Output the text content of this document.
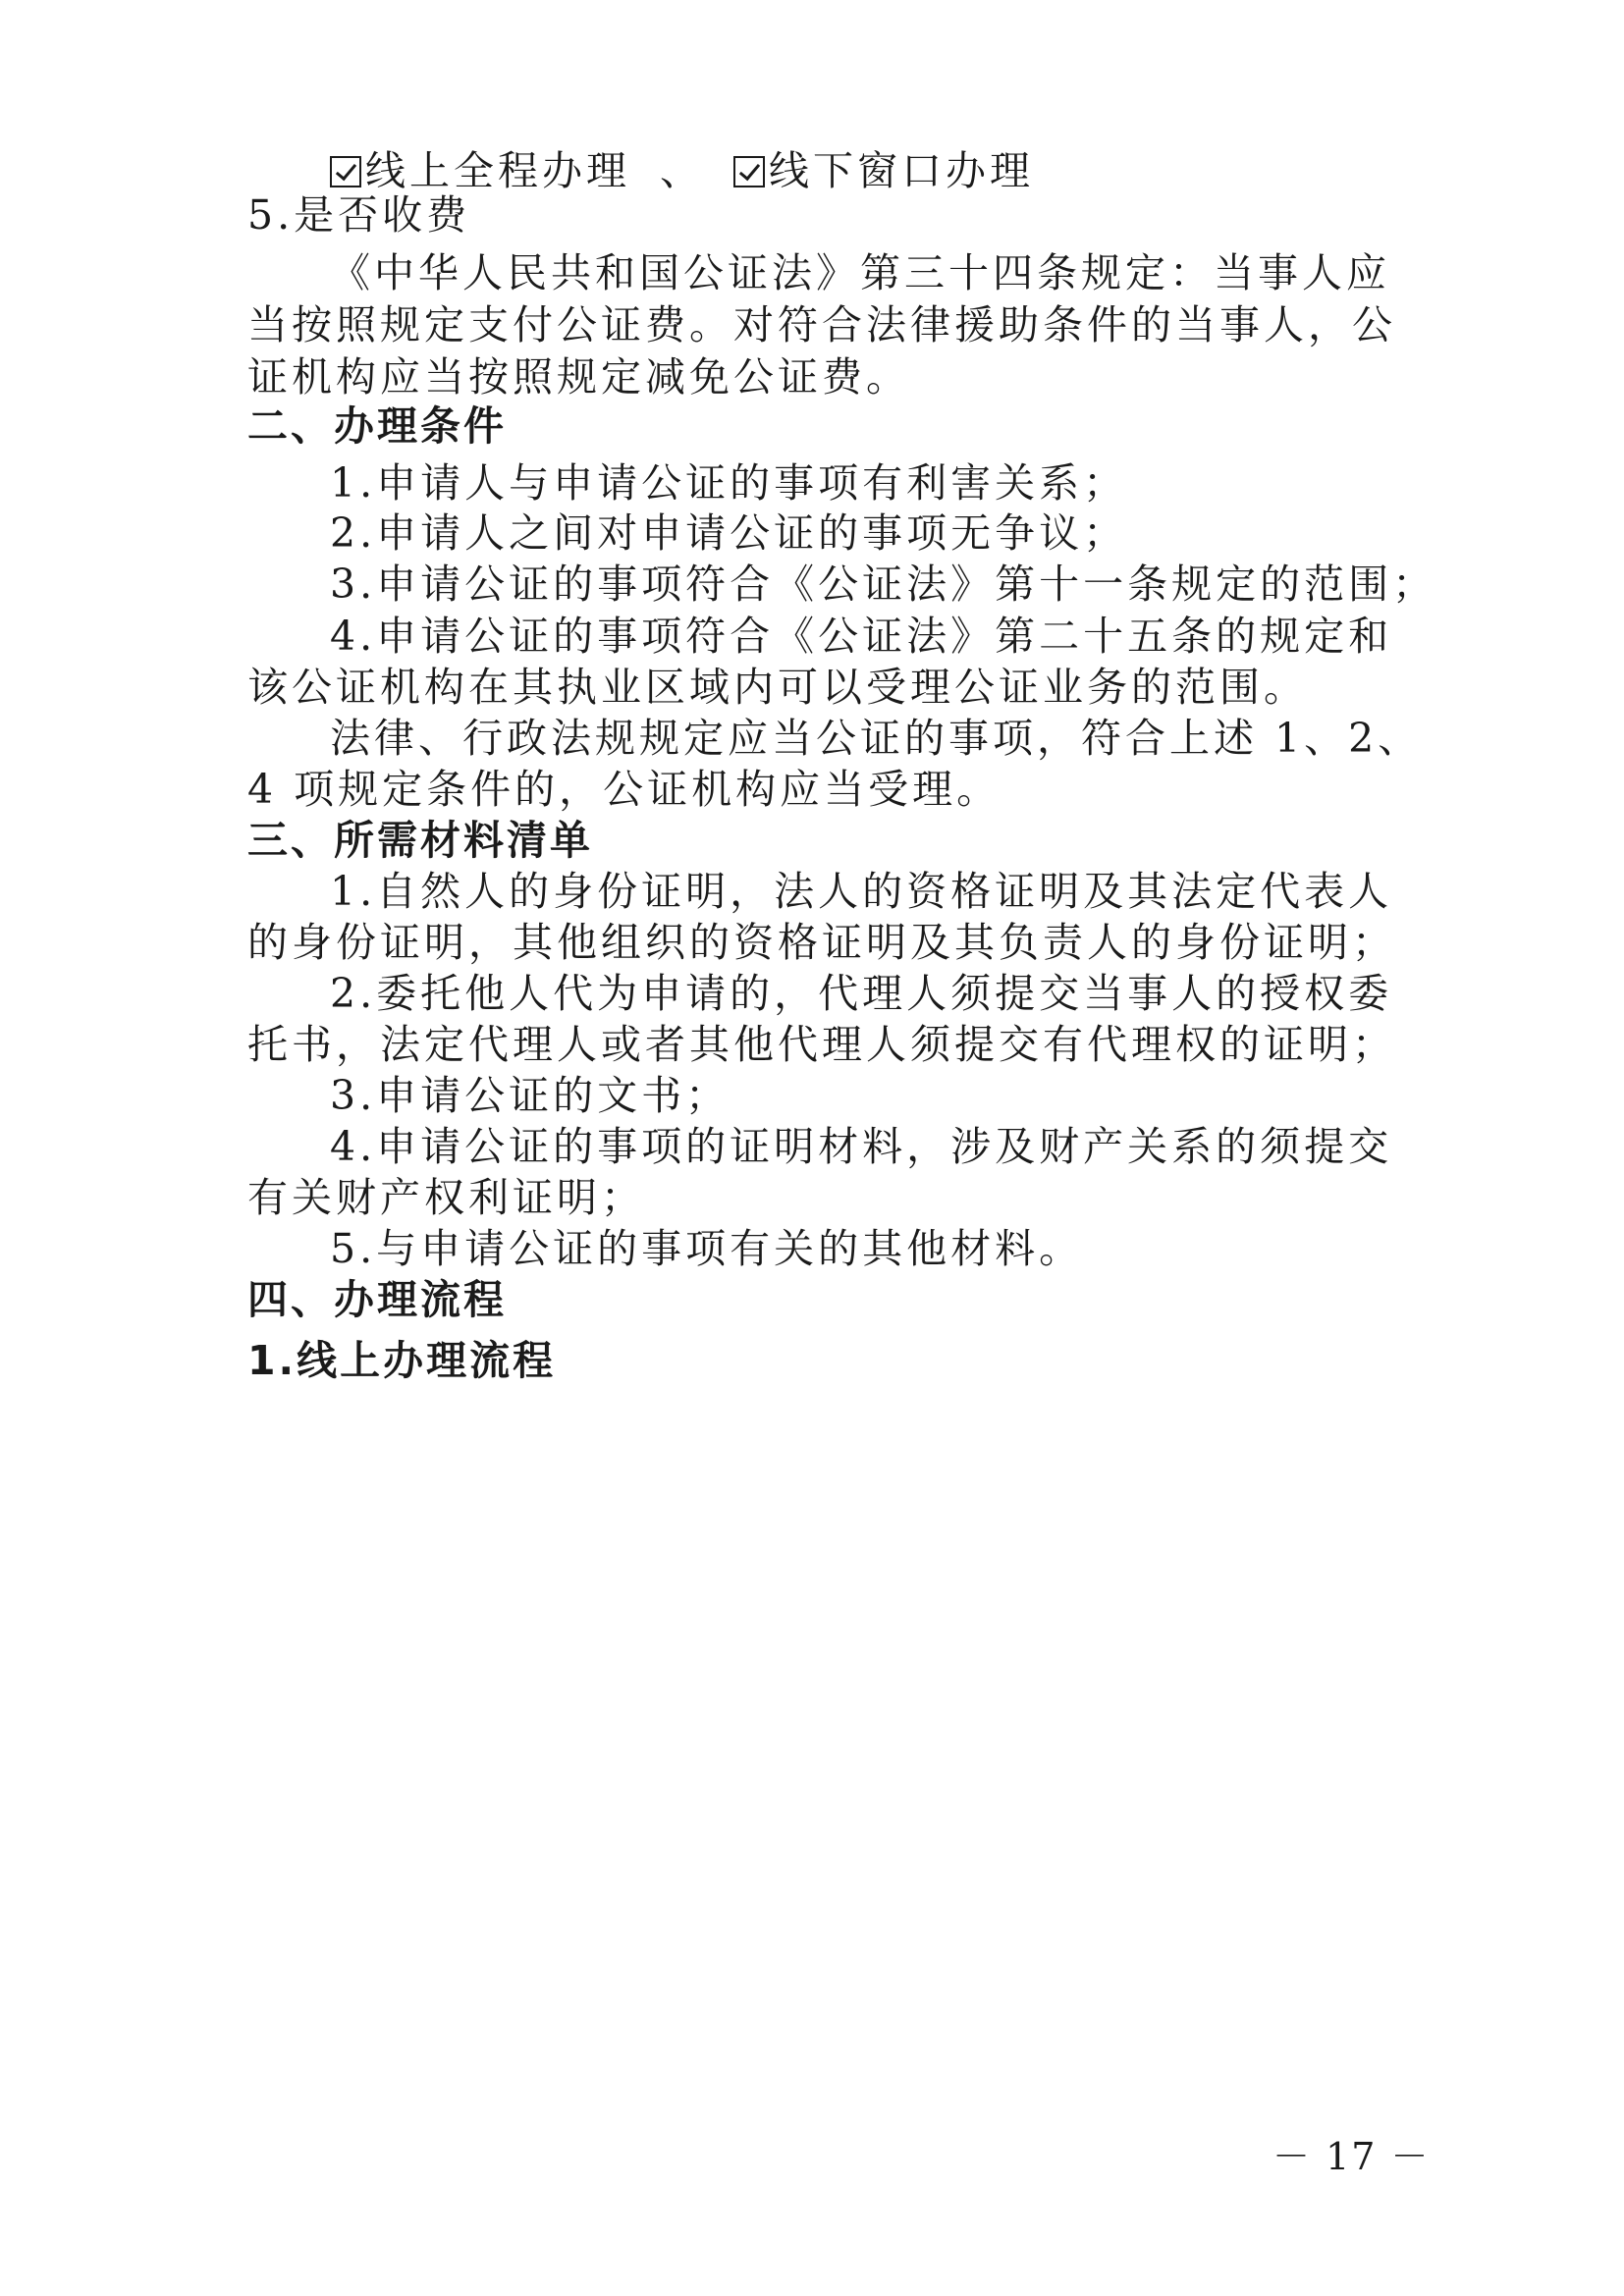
线上全程办理 、 线下窗口办理
5.是否收费
《中华人民共和国公证法》第三十四条规定：当事人应
当按照规定支付公证费。对符合法律援助条件的当事人，公
证机构应当按照规定减免公证费。
二、办理条件
1.申请人与申请公证的事项有利害关系；
2.申请人之间对申请公证的事项无争议；
3.申请公证的事项符合《公证法》第十一条规定的范围；
4.申请公证的事项符合《公证法》第二十五条的规定和
该公证机构在其执业区域内可以受理公证业务的范围。
法律、行政法规规定应当公证的事项，符合上述 1、2、
4 项规定条件的，公证机构应当受理。
三、所需材料清单
1.自然人的身份证明，法人的资格证明及其法定代表人
的身份证明，其他组织的资格证明及其负责人的身份证明；
2.委托他人代为申请的，代理人须提交当事人的授权委
托书，法定代理人或者其他代理人须提交有代理权的证明；
3.申请公证的文书；
4.申请公证的事项的证明材料，涉及财产关系的须提交
有关财产权利证明；
5.与申请公证的事项有关的其他材料。
四、办理流程
1.线上办理流程
－ 17 －
